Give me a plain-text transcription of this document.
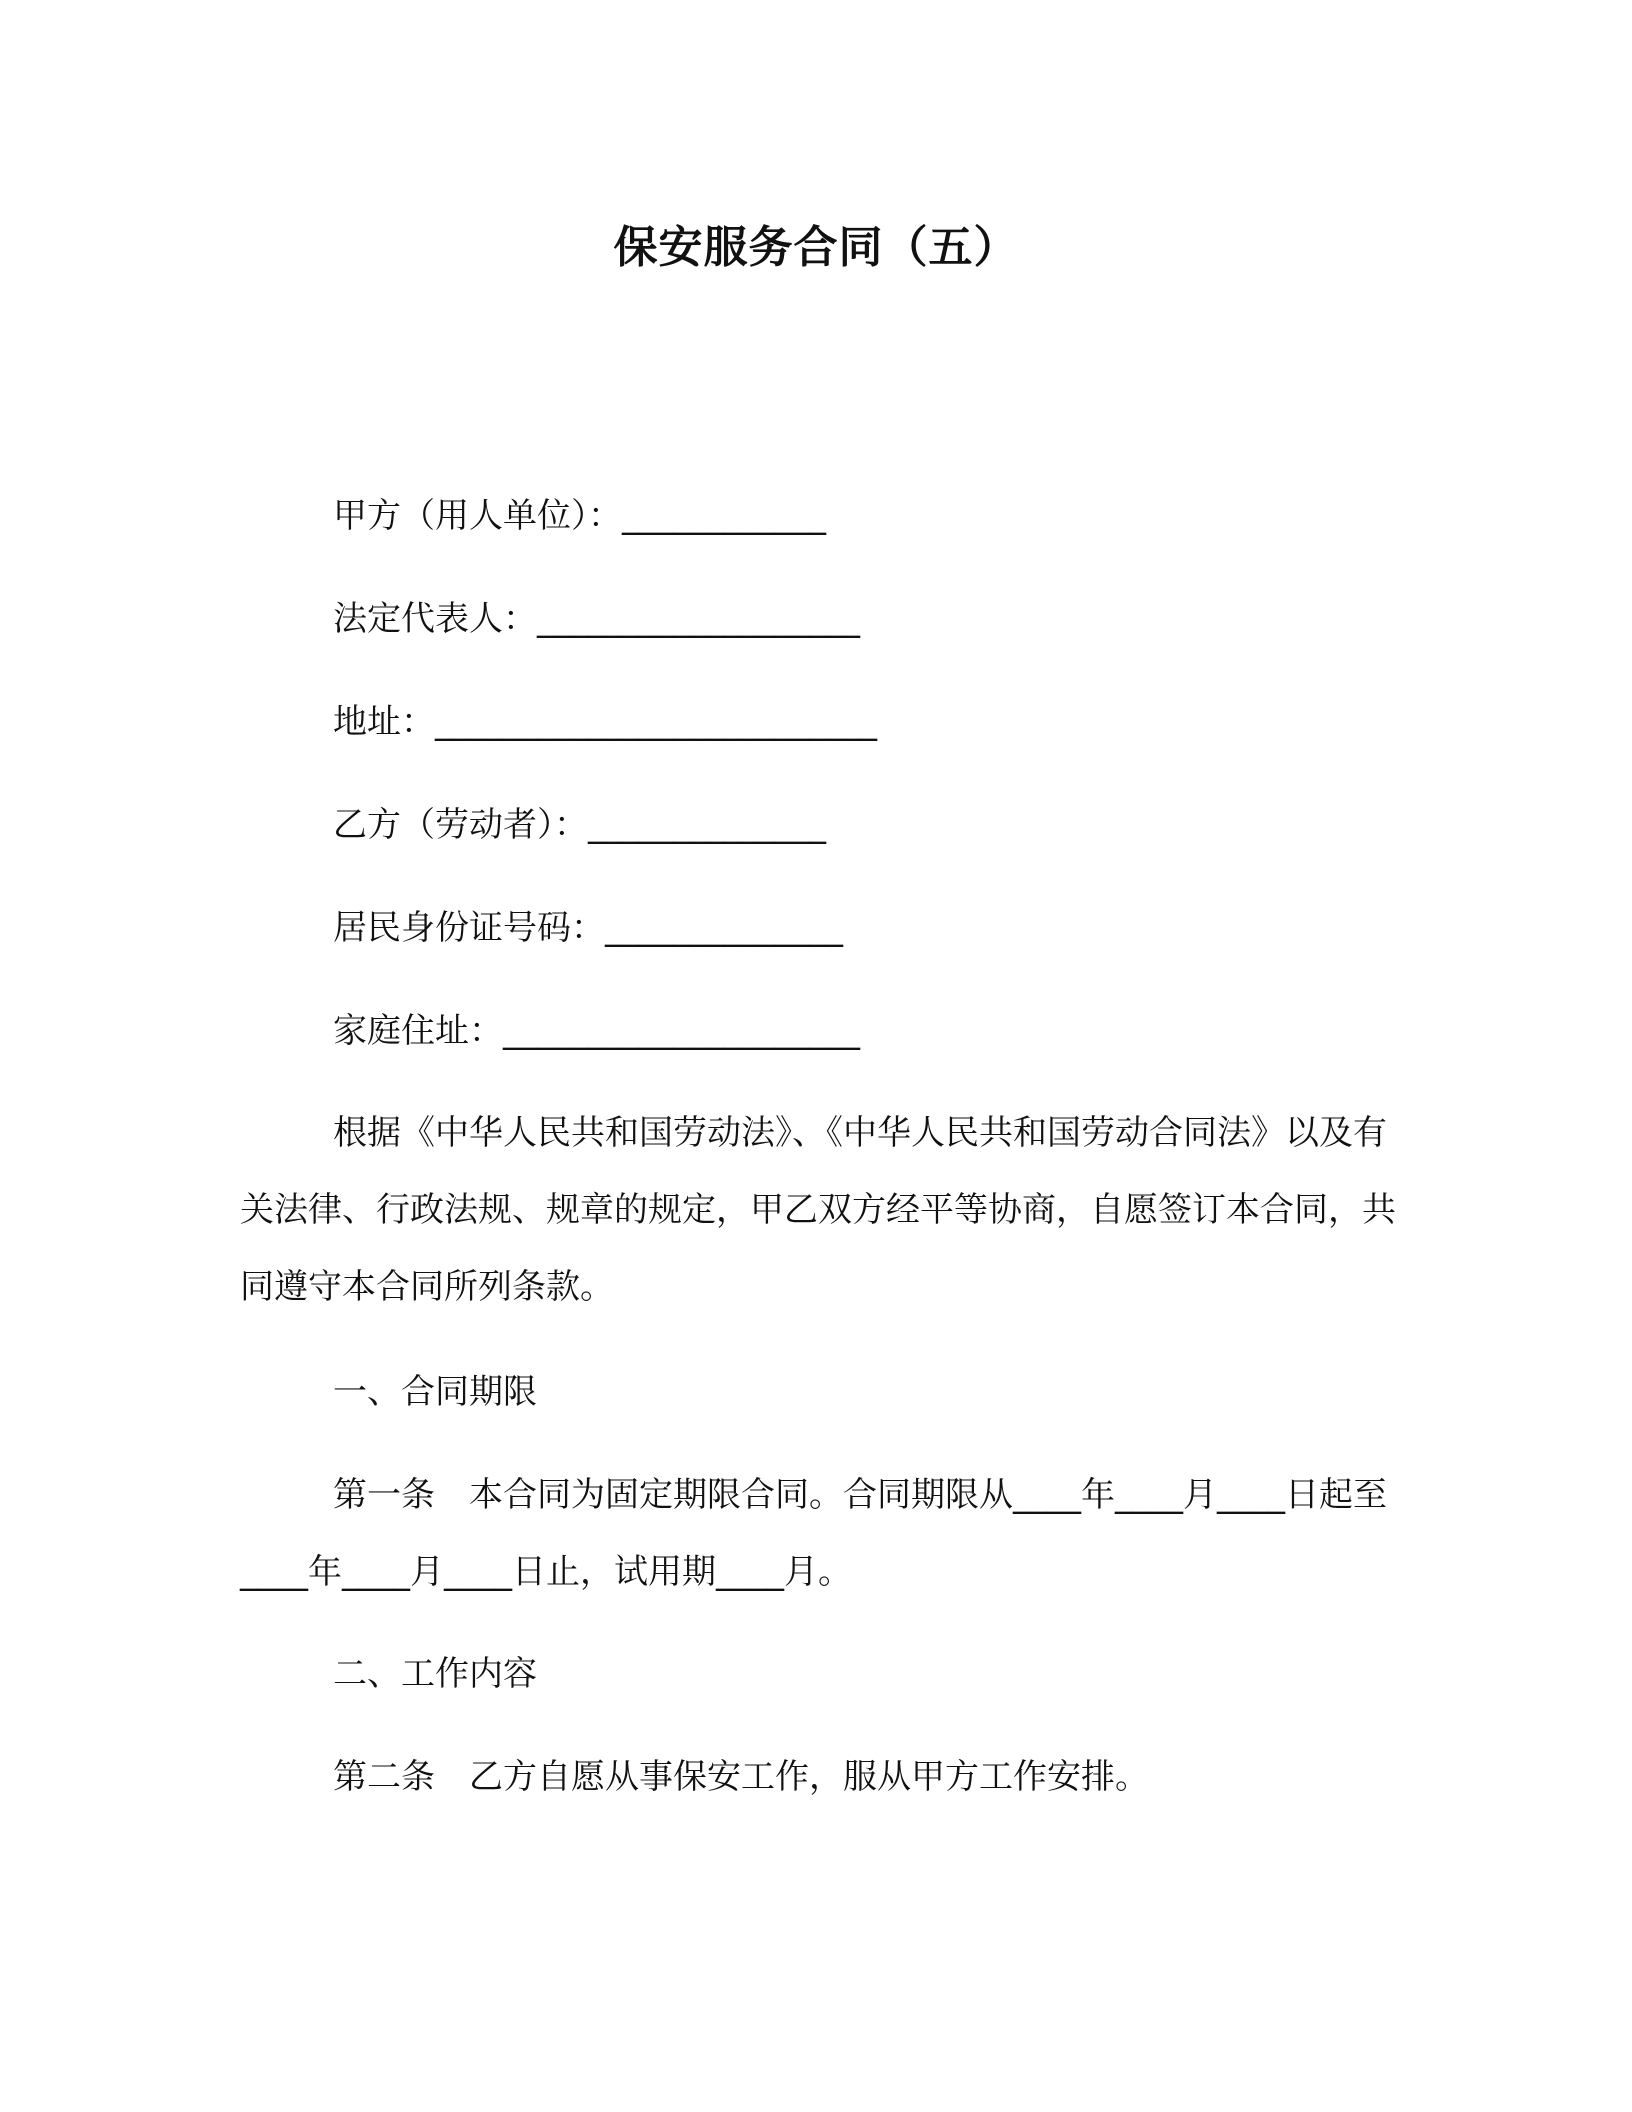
保安服务合同（五）
甲方（用人单位）：____________
法定代表人：___________________
地址：__________________________
乙方（劳动者）：______________
居民身份证号码：______________
家庭住址：_____________________
根据《中华人民共和国劳动法》、《中华人民共和国劳动合同法》以及有关法律、行政法规、规章的规定，甲乙双方经平等协商，自愿签订本合同，共同遵守本合同所列条款。
一、合同期限
第一条　本合同为固定期限合同。合同期限从____年____月____日起至____年____月____日止，试用期____月。
二、工作内容
第二条　乙方自愿从事保安工作，服从甲方工作安排。
